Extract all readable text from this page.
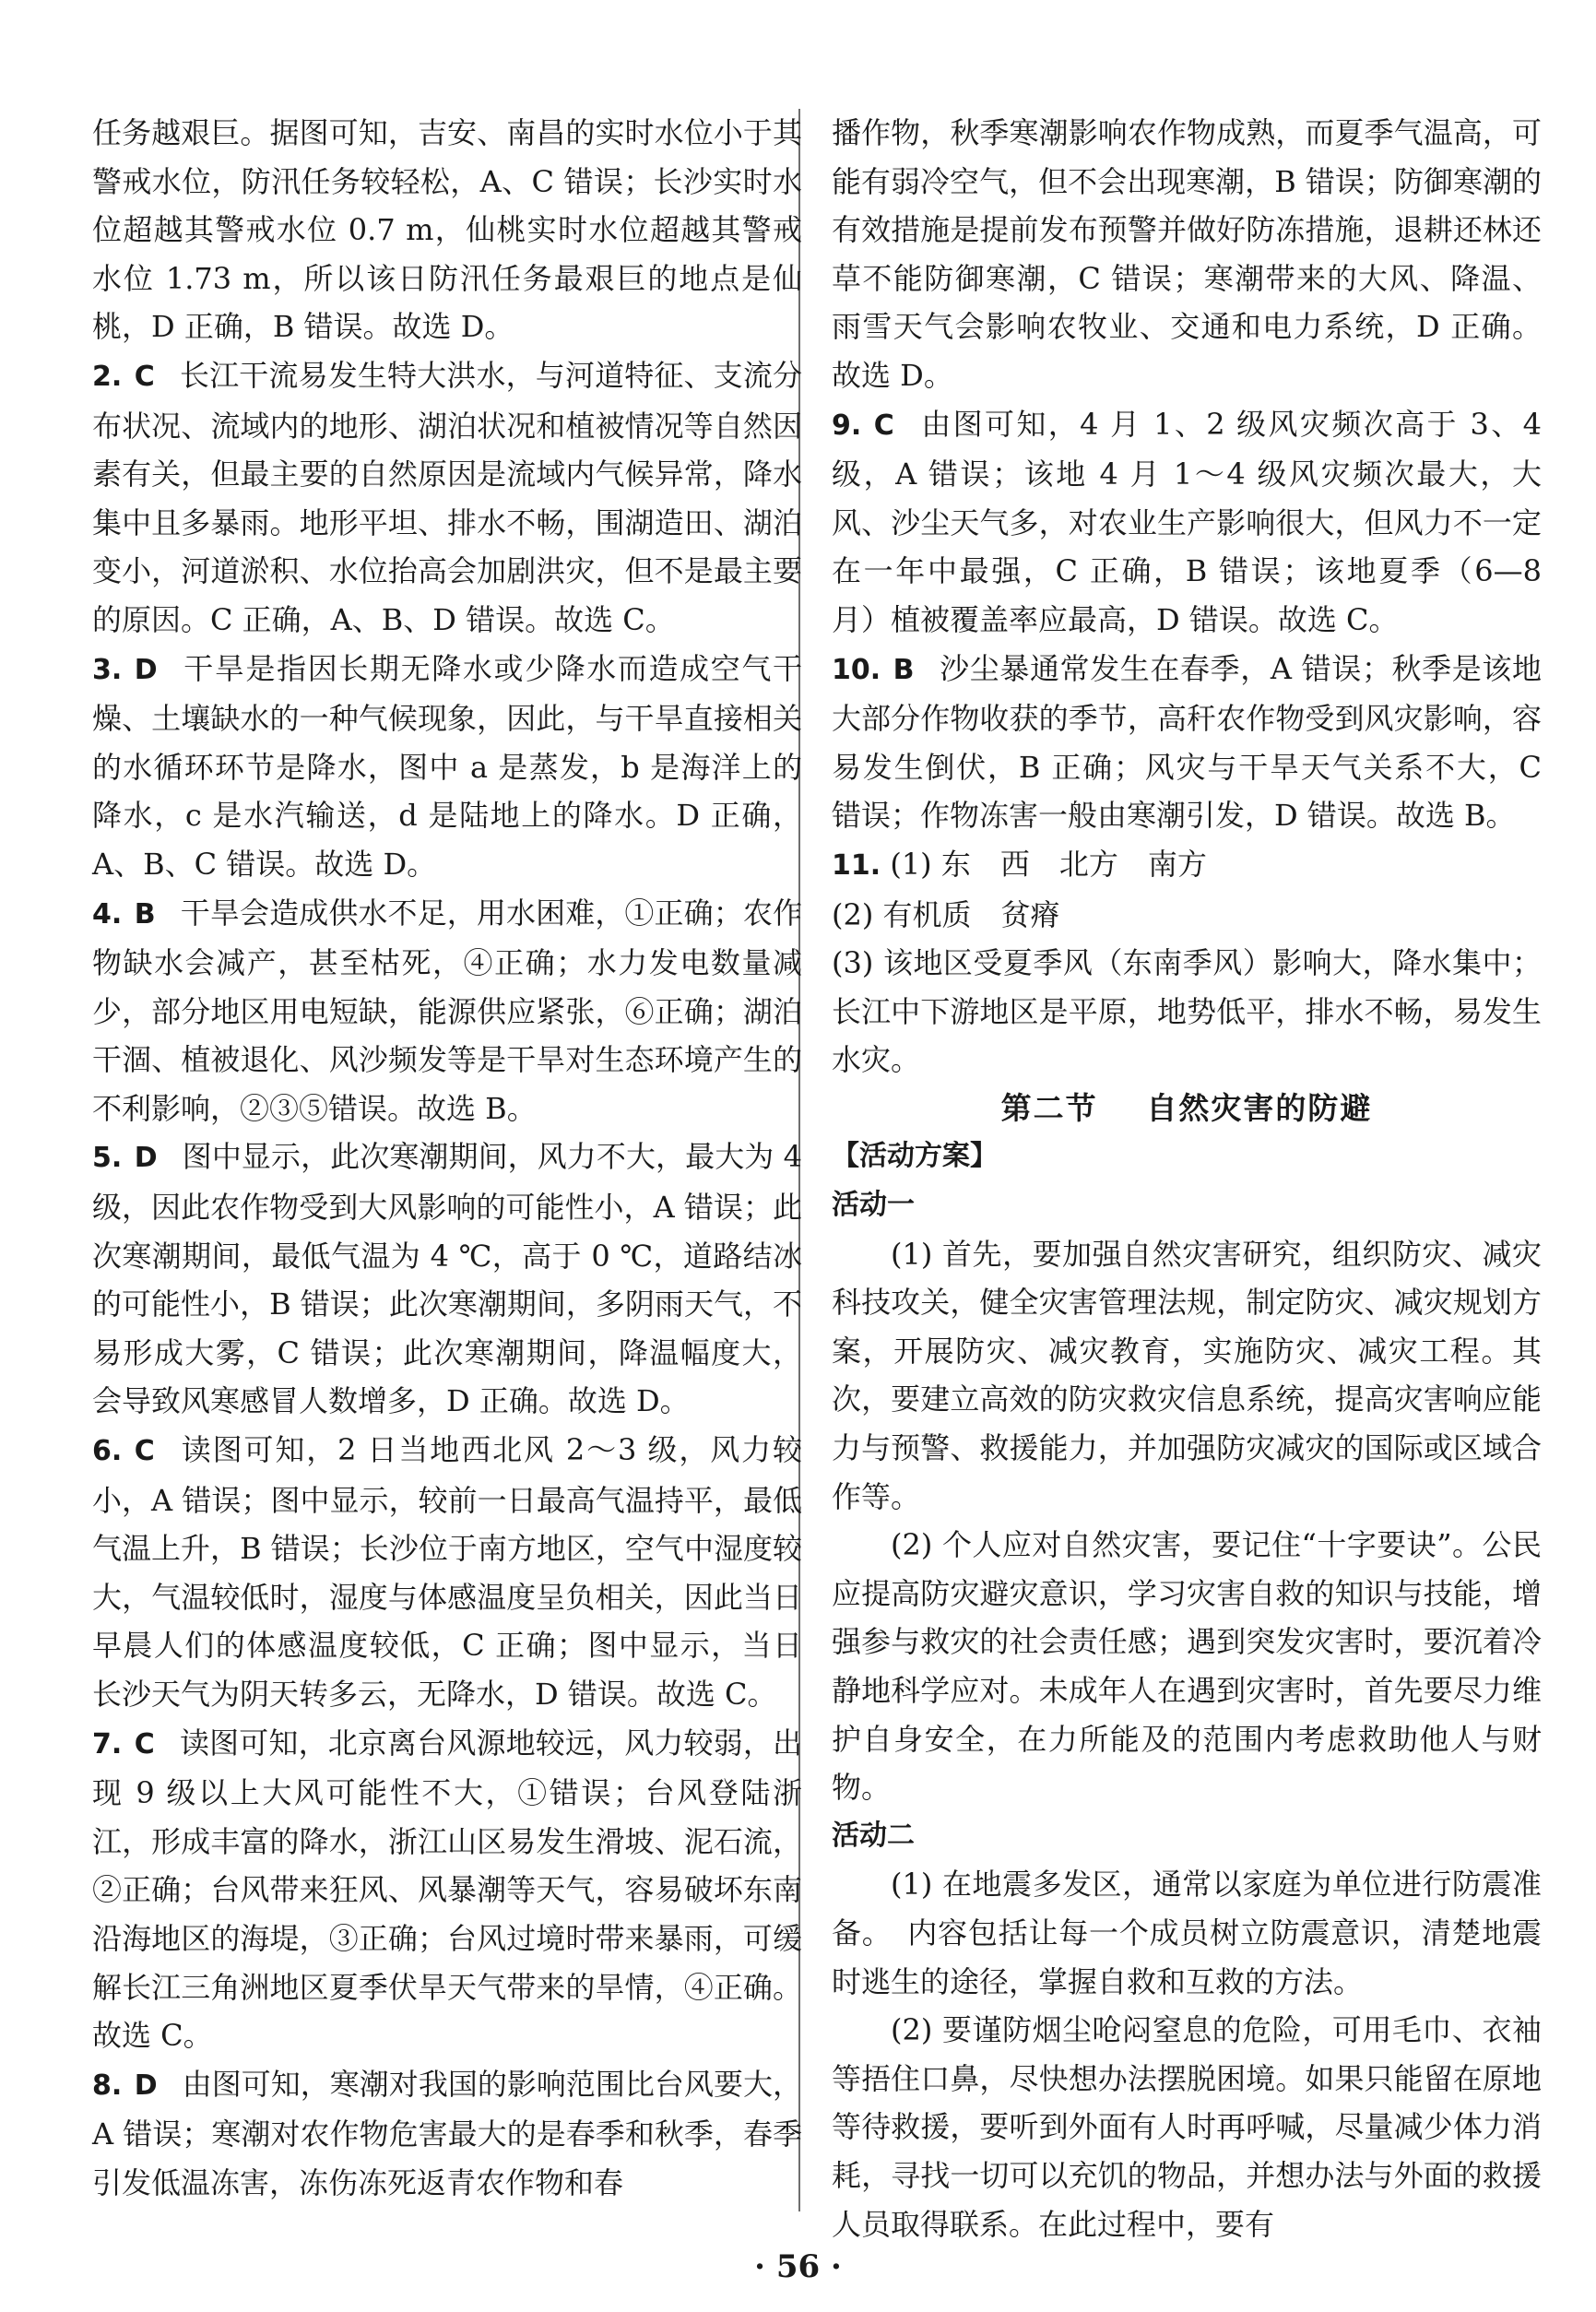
任务越艰巨。据图可知，吉安、南昌的实时水位小于其警戒水位，防汛任务较轻松，A、C 错误；长沙实时水位超越其警戒水位 0.7 m，仙桃实时水位超越其警戒水位 1.73 m，所以该日防汛任务最艰巨的地点是仙桃，D 正确，B 错误。故选 D。

2. C 长江干流易发生特大洪水，与河道特征、支流分布状况、流域内的地形、湖泊状况和植被情况等自然因素有关，但最主要的自然原因是流域内气候异常，降水集中且多暴雨。地形平坦、排水不畅，围湖造田、湖泊变小，河道淤积、水位抬高会加剧洪灾，但不是最主要的原因。C 正确，A、B、D 错误。故选 C。

3. D 干旱是指因长期无降水或少降水而造成空气干燥、土壤缺水的一种气候现象，因此，与干旱直接相关的水循环环节是降水，图中 a 是蒸发，b 是海洋上的降水，c 是水汽输送，d 是陆地上的降水。D 正确，A、B、C 错误。故选 D。

4. B 干旱会造成供水不足，用水困难，①正确；农作物缺水会减产，甚至枯死，④正确；水力发电数量减少，部分地区用电短缺，能源供应紧张，⑥正确；湖泊干涸、植被退化、风沙频发等是干旱对生态环境产生的不利影响，②③⑤错误。故选 B。

5. D 图中显示，此次寒潮期间，风力不大，最大为 4 级，因此农作物受到大风影响的可能性小，A 错误；此次寒潮期间，最低气温为 4 ℃，高于 0 ℃，道路结冰的可能性小，B 错误；此次寒潮期间，多阴雨天气，不易形成大雾，C 错误；此次寒潮期间，降温幅度大，会导致风寒感冒人数增多，D 正确。故选 D。

6. C 读图可知，2 日当地西北风 2～3 级，风力较小，A 错误；图中显示，较前一日最高气温持平，最低气温上升，B 错误；长沙位于南方地区，空气中湿度较大，气温较低时，湿度与体感温度呈负相关，因此当日早晨人们的体感温度较低，C 正确；图中显示，当日长沙天气为阴天转多云，无降水，D 错误。故选 C。

7. C 读图可知，北京离台风源地较远，风力较弱，出现 9 级以上大风可能性不大，①错误；台风登陆浙江，形成丰富的降水，浙江山区易发生滑坡、泥石流，②正确；台风带来狂风、风暴潮等天气，容易破坏东南沿海地区的海堤，③正确；台风过境时带来暴雨，可缓解长江三角洲地区夏季伏旱天气带来的旱情，④正确。故选 C。

8. D 由图可知，寒潮对我国的影响范围比台风要大，A 错误；寒潮对农作物危害最大的是春季和秋季，春季引发低温冻害，冻伤冻死返青农作物和春

播作物，秋季寒潮影响农作物成熟，而夏季气温高，可能有弱冷空气，但不会出现寒潮，B 错误；防御寒潮的有效措施是提前发布预警并做好防冻措施，退耕还林还草不能防御寒潮，C 错误；寒潮带来的大风、降温、雨雪天气会影响农牧业、交通和电力系统，D 正确。故选 D。

9. C 由图可知，4 月 1、2 级风灾频次高于 3、4 级，A 错误；该地 4 月 1～4 级风灾频次最大，大风、沙尘天气多，对农业生产影响很大，但风力不一定在一年中最强，C 正确，B 错误；该地夏季（6—8 月）植被覆盖率应最高，D 错误。故选 C。

10. B 沙尘暴通常发生在春季，A 错误；秋季是该地大部分作物收获的季节，高秆农作物受到风灾影响，容易发生倒伏，B 正确；风灾与干旱天气关系不大，C 错误；作物冻害一般由寒潮引发，D 错误。故选 B。

11. (1) 东　西　北方　南方

(2) 有机质　贫瘠

(3) 该地区受夏季风（东南季风）影响大，降水集中；长江中下游地区是平原，地势低平，排水不畅，易发生水灾。

第二节 自然灾害的防避

【活动方案】

活动一

(1) 首先，要加强自然灾害研究，组织防灾、减灾科技攻关，健全灾害管理法规，制定防灾、减灾规划方案，开展防灾、减灾教育，实施防灾、减灾工程。其次，要建立高效的防灾救灾信息系统，提高灾害响应能力与预警、救援能力，并加强防灾减灾的国际或区域合作等。

(2) 个人应对自然灾害，要记住“十字要诀”。公民应提高防灾避灾意识，学习灾害自救的知识与技能，增强参与救灾的社会责任感；遇到突发灾害时，要沉着冷静地科学应对。未成年人在遇到灾害时，首先要尽力维护自身安全，在力所能及的范围内考虑救助他人与财物。

活动二

(1) 在地震多发区，通常以家庭为单位进行防震准备。　内容包括让每一个成员树立防震意识，清楚地震时逃生的途径，掌握自救和互救的方法。

(2) 要谨防烟尘呛闷窒息的危险，可用毛巾、衣袖等捂住口鼻，尽快想办法摆脱困境。如果只能留在原地等待救援，要听到外面有人时再呼喊，尽量减少体力消耗，寻找一切可以充饥的物品，并想办法与外面的救援人员取得联系。在此过程中，要有

· 56 ·
